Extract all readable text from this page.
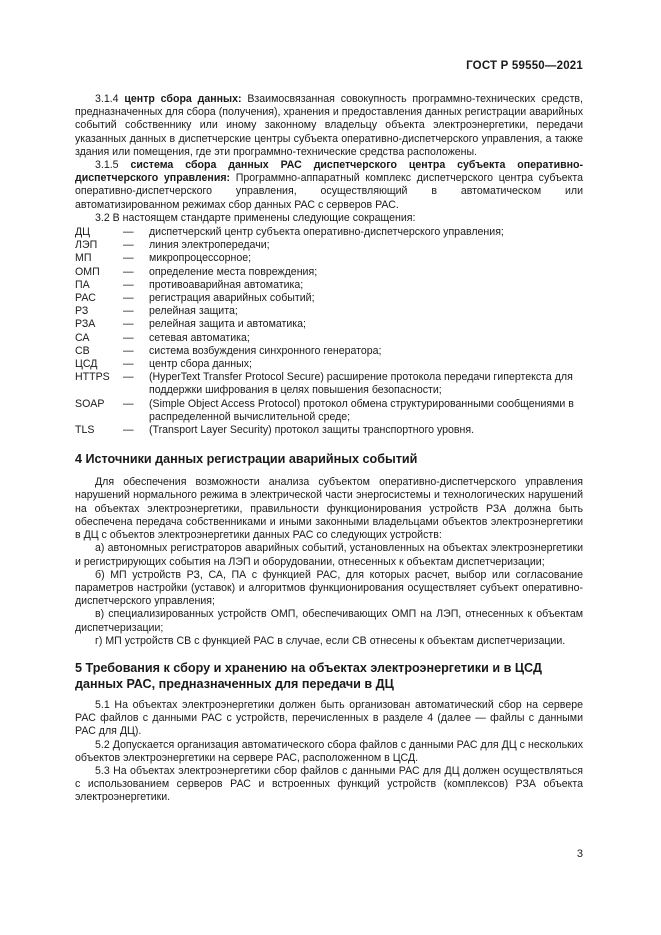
ГОСТ Р 59550—2021

3.1.4 центр сбора данных: Взаимосвязанная совокупность программно-технических средств, предназначенных для сбора (получения), хранения и предоставления данных регистрации аварийных событий собственнику или иному законному владельцу объекта электроэнергетики, передачи указанных данных в диспетчерские центры субъекта оперативно-диспетчерского управления, а также здания или помещения, где эти программно-технические средства расположены.

3.1.5 система сбора данных РАС диспетчерского центра субъекта оперативно-диспетчерского управления: Программно-аппаратный комплекс диспетчерского центра субъекта оперативно-диспетчерского управления, осуществляющий в автоматическом или автоматизированном режимах сбор данных РАС с серверов РАС.

3.2 В настоящем стандарте применены следующие сокращения:

ДЦ	—	диспетчерский центр субъекта оперативно-диспетчерского управления;
ЛЭП	—	линия электропередачи;
МП	—	микропроцессорное;
ОМП	—	определение места повреждения;
ПА	—	противоаварийная автоматика;
РАС	—	регистрация аварийных событий;
РЗ	—	релейная защита;
РЗА	—	релейная защита и автоматика;
СА	—	сетевая автоматика;
СВ	—	система возбуждения синхронного генератора;
ЦСД	—	центр сбора данных;
HTTPS	—	(HyperText Transfer Protocol Secure) расширение протокола передачи гипертекста для поддержки шифрования в целях повышения безопасности;
SOAP	—	(Simple Object Access Protocol) протокол обмена структурированными сообщениями в распределенной вычислительной среде;
TLS	—	(Transport Layer Security) протокол защиты транспортного уровня.
4 Источники данных регистрации аварийных событий

Для обеспечения возможности анализа субъектом оперативно-диспетчерского управления нарушений нормального режима в электрической части энергосистемы и технологических нарушений на объектах электроэнергетики, правильности функционирования устройств РЗА должна быть обеспечена передача собственниками и иными законными владельцами объектов электроэнергетики в ДЦ с объектов электроэнергетики данных РАС со следующих устройств:

а) автономных регистраторов аварийных событий, установленных на объектах электроэнергетики и регистрирующих события на ЛЭП и оборудовании, отнесенных к объектам диспетчеризации;

б) МП устройств РЗ, СА, ПА с функцией РАС, для которых расчет, выбор или согласование параметров настройки (уставок) и алгоритмов функционирования осуществляет субъект оперативно-диспетчерского управления;

в) специализированных устройств ОМП, обеспечивающих ОМП на ЛЭП, отнесенных к объектам диспетчеризации;

г) МП устройств СВ с функцией РАС в случае, если СВ отнесены к объектам диспетчеризации.

5 Требования к сбору и хранению на объектах электроэнергетики и в ЦСД данных РАС, предназначенных для передачи в ДЦ

5.1 На объектах электроэнергетики должен быть организован автоматический сбор на сервере РАС файлов с данными РАС с устройств, перечисленных в разделе 4 (далее — файлы с данными РАС для ДЦ).

5.2 Допускается организация автоматического сбора файлов с данными РАС для ДЦ с нескольких объектов электроэнергетики на сервере РАС, расположенном в ЦСД.

5.3 На объектах электроэнергетики сбор файлов с данными РАС для ДЦ должен осуществляться с использованием серверов РАС и встроенных функций устройств (комплексов) РЗА объекта электроэнергетики.

3
